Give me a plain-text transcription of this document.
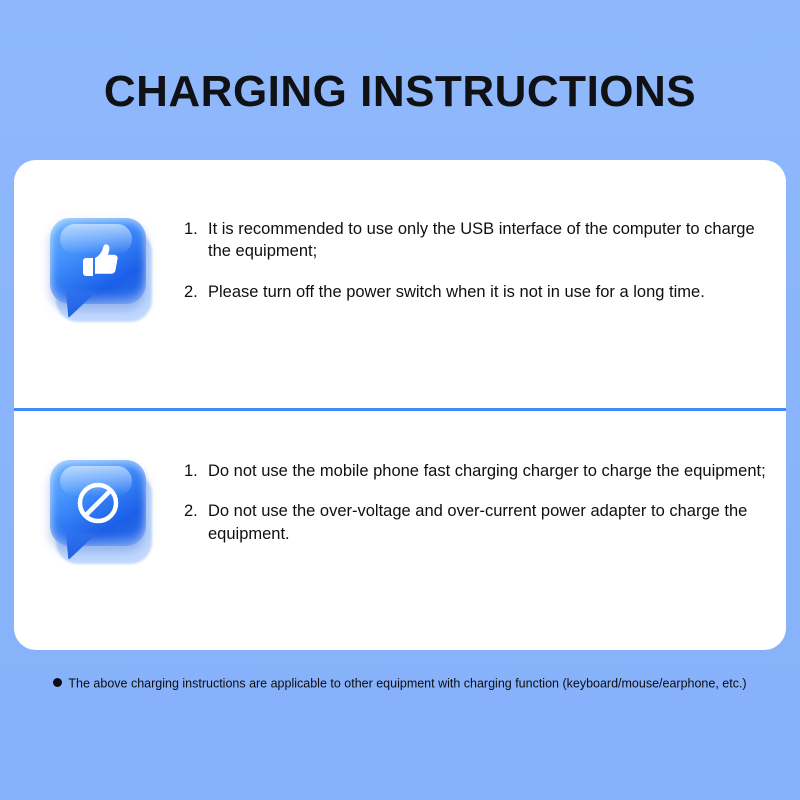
CHARGING INSTRUCTIONS
1. It is recommended to use only the USB interface of the computer to charge the equipment;
2. Please turn off the power switch when it is not in use for a long time.
1. Do not use the mobile phone fast charging charger to charge the equipment;
2. Do not use the over-voltage and over-current power adapter to charge the equipment.
The above charging instructions are applicable to other equipment with charging function (keyboard/mouse/earphone, etc.)
